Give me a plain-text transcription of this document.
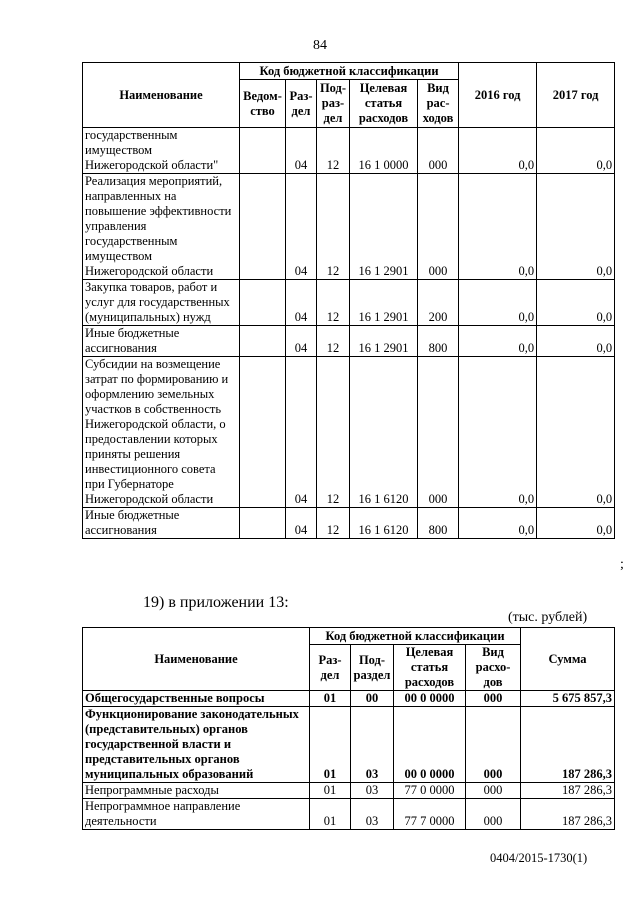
84
Наименование	Код бюджетной классификации					2016 год	2017 год
	Ведом-ство	Раз-дел	Под-раз-дел	Целевая статья расходов	Вид рас-ходов		
государственным имуществом Нижегородской области"		04	12	16 1 0000	000	0,0	0,0
Реализация мероприятий, направленных на повышение эффективности управления государственным имуществом Нижегородской области		04	12	16 1 2901	000	0,0	0,0
Закупка товаров, работ и услуг для государственных (муниципальных) нужд		04	12	16 1 2901	200	0,0	0,0
Иные бюджетные ассигнования		04	12	16 1 2901	800	0,0	0,0
Субсидии на возмещение затрат по формированию и оформлению земельных участков в собственность Нижегородской области, о предоставлении которых приняты решения инвестиционного совета при Губернаторе Нижегородской области		04	12	16 1 6120	000	0,0	0,0
Иные бюджетные ассигнования		04	12	16 1 6120	800	0,0	0,0
;
19) в приложении 13:
(тыс. рублей)
Наименование	Код бюджетной классификации				Сумма
	Раз-дел	Под-раздел	Целевая статья расходов	Вид расхо-дов	
Общегосударственные вопросы	01	00	00 0 0000	000	5 675 857,3
Функционирование законодательных (представительных) органов государственной власти и представительных органов муниципальных образований	01	03	00 0 0000	000	187 286,3
Непрограммные расходы	01	03	77 0 0000	000	187 286,3
Непрограммное направление деятельности	01	03	77 7 0000	000	187 286,3
0404/2015-1730(1)
